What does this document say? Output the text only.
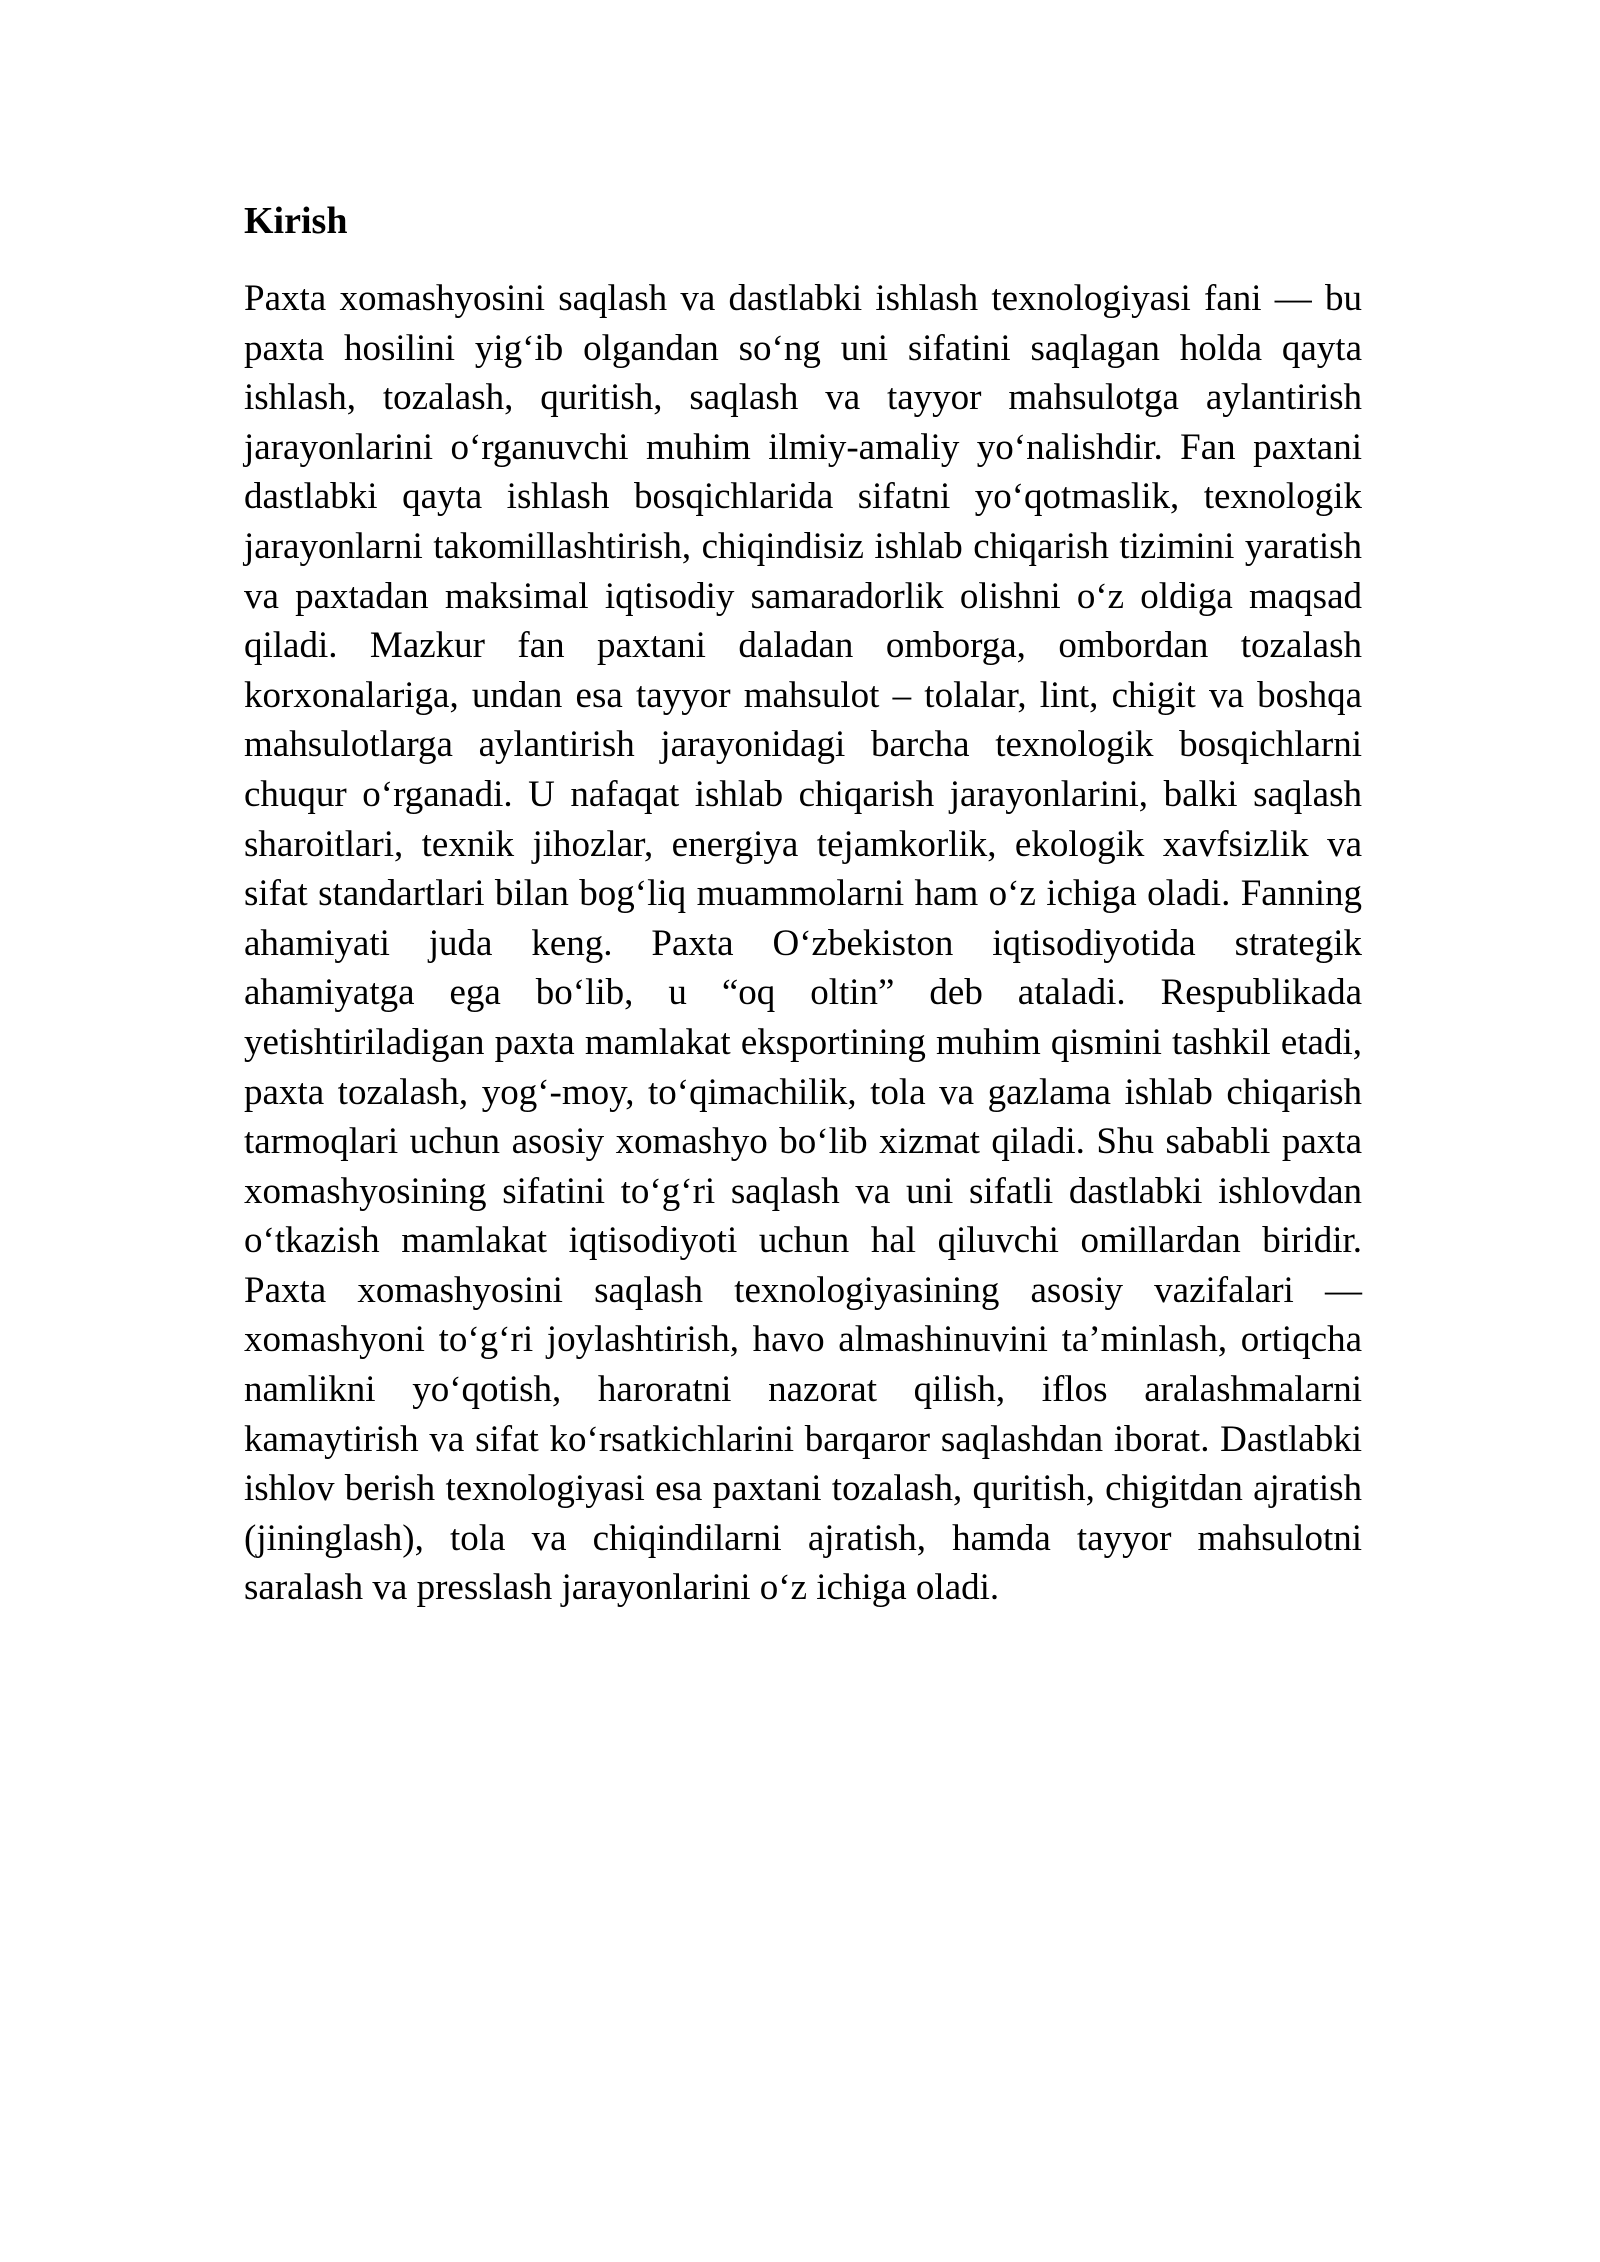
Kirish

Paxta xomashyosini saqlash va dastlabki ishlash texnologiyasi fani — bu paxta hosilini yig‘ib olgandan so‘ng uni sifatini saqlagan holda qayta ishlash, tozalash, quritish, saqlash va tayyor mahsulotga aylantirish jarayonlarini o‘rganuvchi muhim ilmiy-amaliy yo‘nalishdir. Fan paxtani dastlabki qayta ishlash bosqichlarida sifatni yo‘qotmaslik, texnologik jarayonlarni takomillashtirish, chiqindisiz ishlab chiqarish tizimini yaratish va paxtadan maksimal iqtisodiy samaradorlik olishni o‘z oldiga maqsad qiladi. Mazkur fan paxtani daladan omborga, ombordan tozalash korxonalariga, undan esa tayyor mahsulot – tolalar, lint, chigit va boshqa mahsulotlarga aylantirish jarayonidagi barcha texnologik bosqichlarni chuqur o‘rganadi. U nafaqat ishlab chiqarish jarayonlarini, balki saqlash sharoitlari, texnik jihozlar, energiya tejamkorlik, ekologik xavfsizlik va sifat standartlari bilan bog‘liq muammolarni ham o‘z ichiga oladi. Fanning ahamiyati juda keng. Paxta O‘zbekiston iqtisodiyotida strategik ahamiyatga ega bo‘lib, u “oq oltin” deb ataladi. Respublikada yetishtiriladigan paxta mamlakat eksportining muhim qismini tashkil etadi, paxta tozalash, yog‘-moy, to‘qimachilik, tola va gazlama ishlab chiqarish tarmoqlari uchun asosiy xomashyo bo‘lib xizmat qiladi. Shu sababli paxta xomashyosining sifatini to‘g‘ri saqlash va uni sifatli dastlabki ishlovdan o‘tkazish mamlakat iqtisodiyoti uchun hal qiluvchi omillardan biridir. Paxta xomashyosini saqlash texnologiyasining asosiy vazifalari — xomashyoni to‘g‘ri joylashtirish, havo almashinuvini ta’minlash, ortiqcha namlikni yo‘qotish, haroratni nazorat qilish, iflos aralashmalarni kamaytirish va sifat ko‘rsatkichlarini barqaror saqlashdan iborat. Dastlabki ishlov berish texnologiyasi esa paxtani tozalash, quritish, chigitdan ajratish (jininglash), tola va chiqindilarni ajratish, hamda tayyor mahsulotni saralash va presslash jarayonlarini o‘z ichiga oladi.
